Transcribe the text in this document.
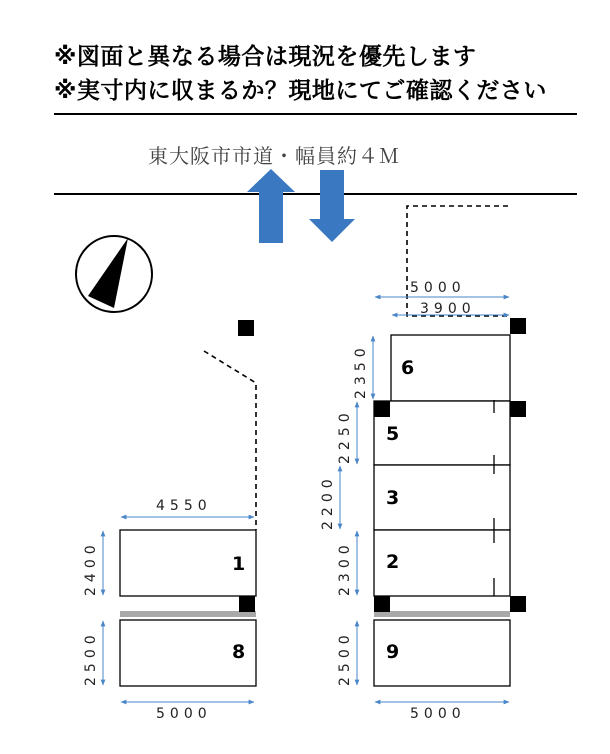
※図面と異なる場合は現況を優先します
※実寸内に収まるか？現地にてご確認ください
東大阪市市道・幅員約４Ｍ
1
8
6
5
3
2
9
4550
2400
2500
5000
5000
3900
2350
2250
2200
2300
2500
5000
